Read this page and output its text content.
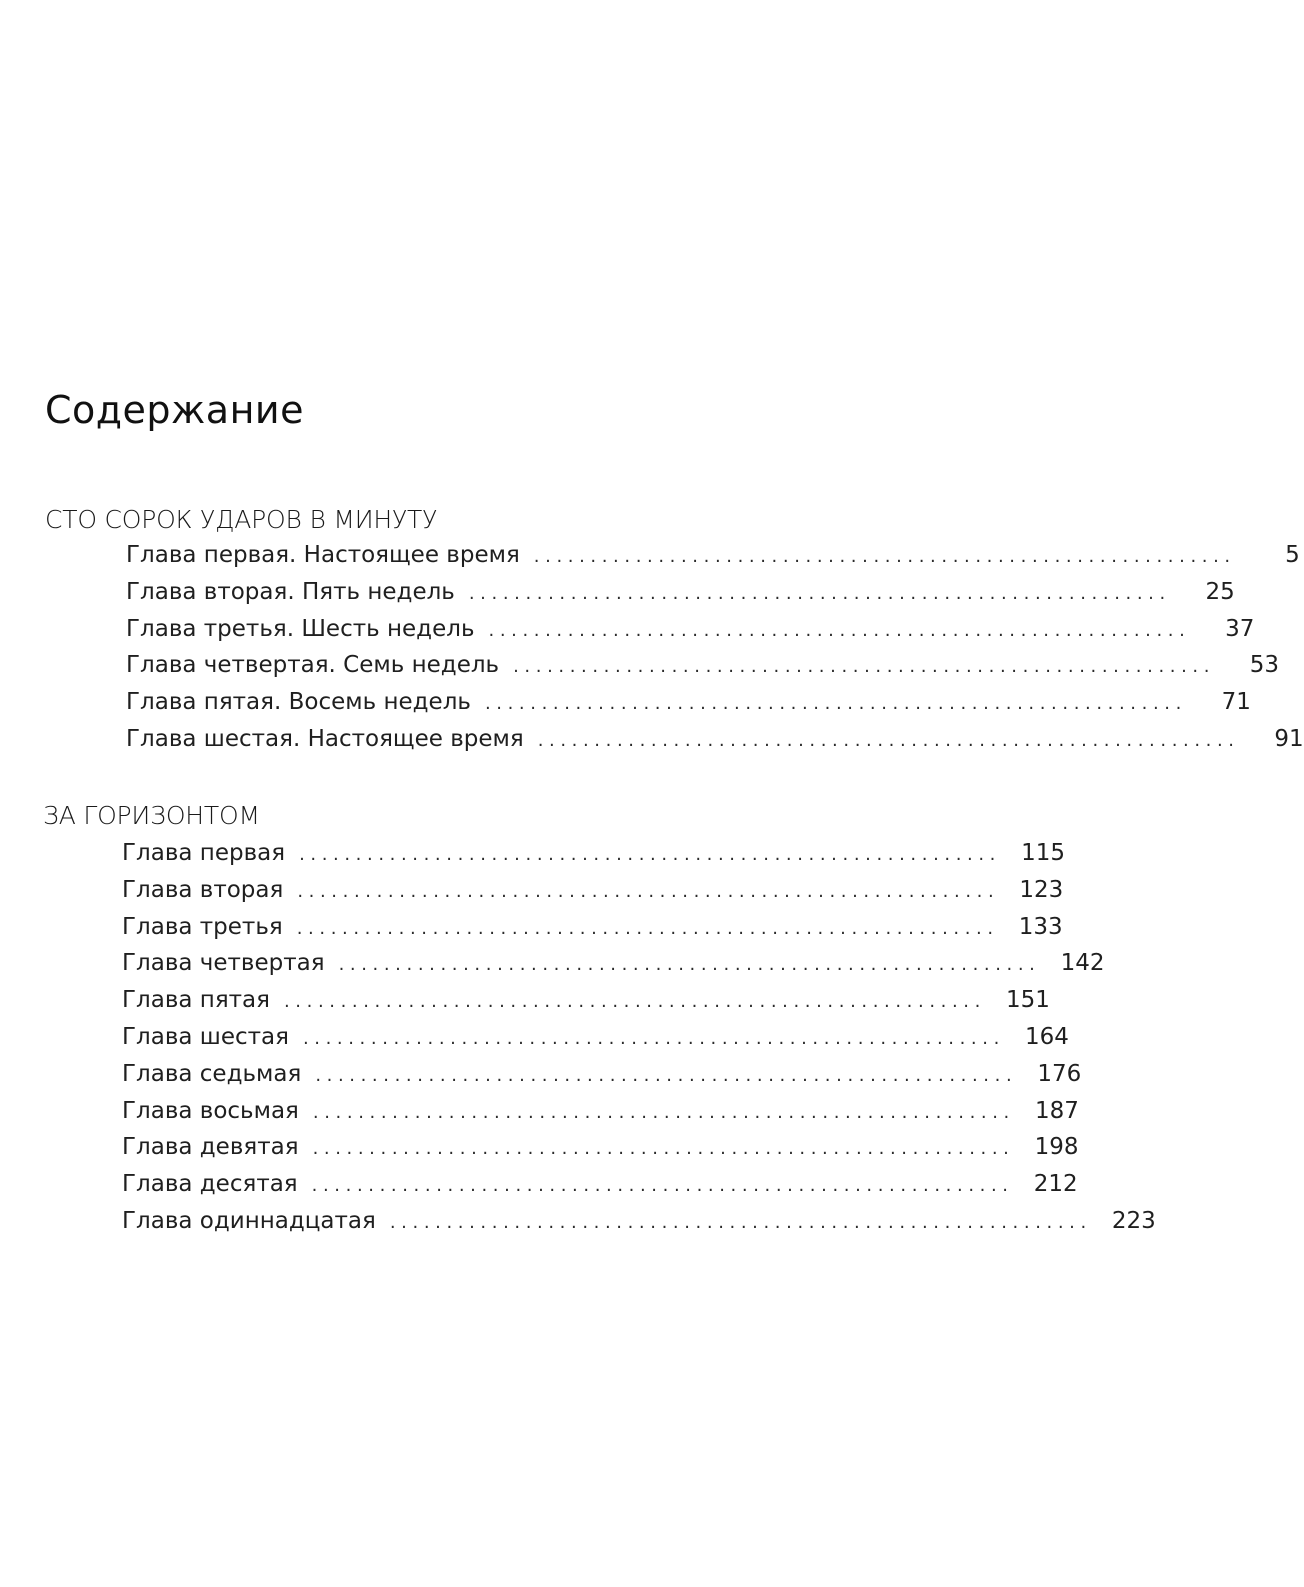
Содержание
СТО СОРОК УДАРОВ В МИНУТУ
Глава первая. Настоящее время ..............................................................	5
Глава вторая. Пять недель ..............................................................	25
Глава третья. Шесть недель ..............................................................	37
Глава четвертая. Семь недель ..............................................................	53
Глава пятая. Восемь недель ..............................................................	71
Глава шестая. Настоящее время ..............................................................	91
ЗА ГОРИЗОНТОМ
Глава первая .............................................................. 115
Глава вторая .............................................................. 123
Глава третья .............................................................. 133
Глава четвертая .............................................................. 142
Глава пятая .............................................................. 151
Глава шестая .............................................................. 164
Глава седьмая .............................................................. 176
Глава восьмая .............................................................. 187
Глава девятая .............................................................. 198
Глава десятая .............................................................. 212
Глава одиннадцатая .............................................................. 223
